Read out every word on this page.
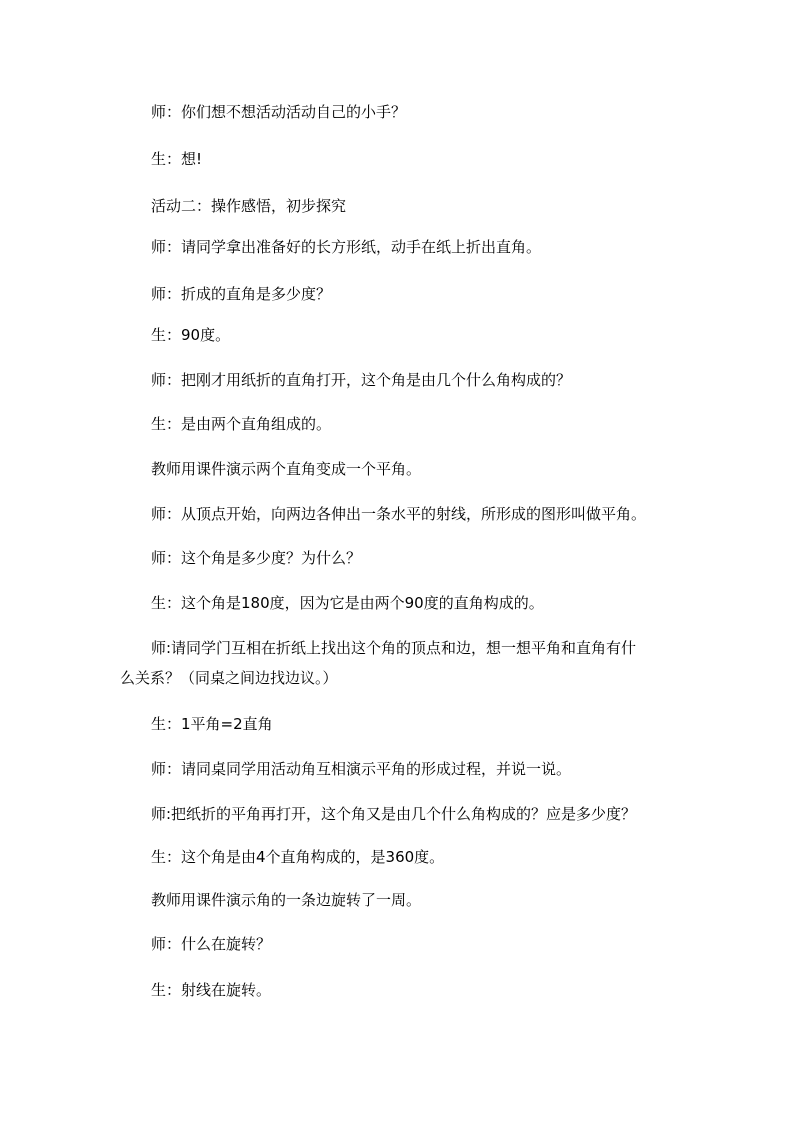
师：你们想不想活动活动自己的小手？
生：想!
活动二：操作感悟，初步探究
师：请同学拿出准备好的长方形纸，动手在纸上折出直角。
师：折成的直角是多少度？
生：90度。
师：把刚才用纸折的直角打开，这个角是由几个什么角构成的？
生：是由两个直角组成的。
教师用课件演示两个直角变成一个平角。
师：从顶点开始，向两边各伸出一条水平的射线，所形成的图形叫做平角。
师：这个角是多少度？为什么？
生：这个角是180度，因为它是由两个90度的直角构成的。
师:请同学门互相在折纸上找出这个角的顶点和边，想一想平角和直角有什
么关系？（同桌之间边找边议。）
生：1平角=2直角
师：请同桌同学用活动角互相演示平角的形成过程，并说一说。
师:把纸折的平角再打开，这个角又是由几个什么角构成的？应是多少度？
生：这个角是由4个直角构成的，是360度。
教师用课件演示角的一条边旋转了一周。
师：什么在旋转？
生：射线在旋转。
